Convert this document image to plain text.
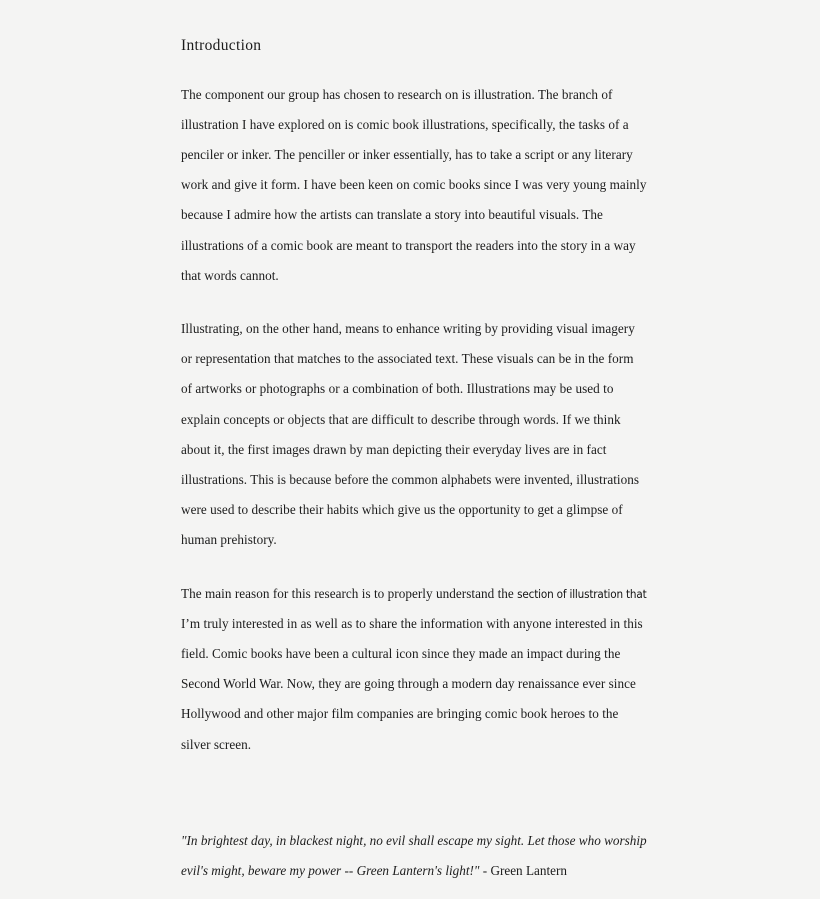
Introduction

The component our group has chosen to research on is illustration. The branch of illustration I have explored on is comic book illustrations, specifically, the tasks of a penciler or inker. The penciller or inker essentially, has to take a script or any literary work and give it form. I have been keen on comic books since I was very young mainly because I admire how the artists can translate a story into beautiful visuals. The illustrations of a comic book are meant to transport the readers into the story in a way that words cannot.

Illustrating, on the other hand, means to enhance writing by providing visual imagery or representation that matches to the associated text. These visuals can be in the form of artworks or photographs or a combination of both. Illustrations may be used to explain concepts or objects that are difficult to describe through words. If we think about it, the first images drawn by man depicting their everyday lives are in fact illustrations. This is because before the common alphabets were invented, illustrations were used to describe their habits which give us the opportunity to get a glimpse of human prehistory.

The main reason for this research is to properly understand the section of illustration that I’m truly interested in as well as to share the information with anyone interested in this field. Comic books have been a cultural icon since they made an impact during the Second World War. Now, they are going through a modern day renaissance ever since Hollywood and other major film companies are bringing comic book heroes to the silver screen.

"In brightest day, in blackest night, no evil shall escape my sight. Let those who worship evil's might, beware my power -- Green Lantern's light!" - Green Lantern
